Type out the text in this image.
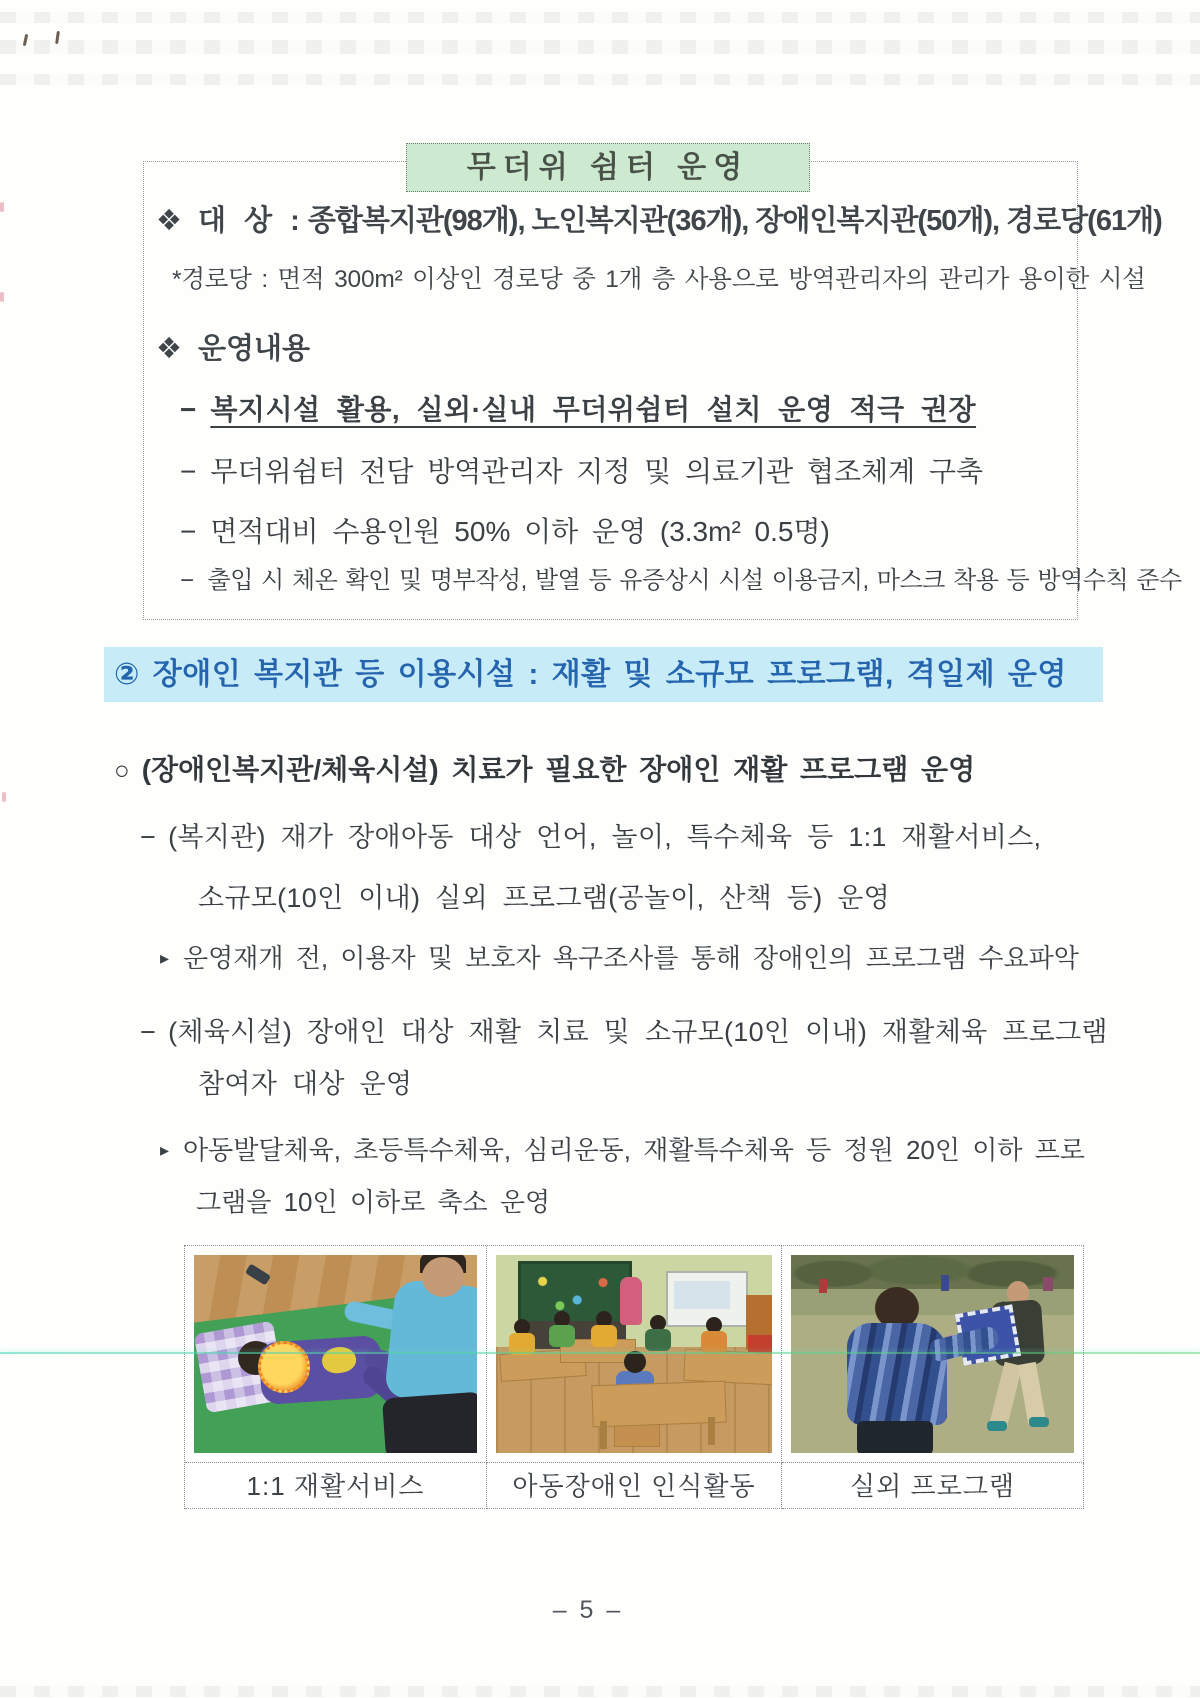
무더위 쉼터 운영
❖ 대 상 : 종합복지관(98개), 노인복지관(36개), 장애인복지관(50개), 경로당(61개)
*경로당 : 면적 300m² 이상인 경로당 중 1개 층 사용으로 방역관리자의 관리가 용이한 시설
❖ 운영내용
− 복지시설 활용, 실외·실내 무더위쉼터 설치 운영 적극 권장
− 무더위쉼터 전담 방역관리자 지정 및 의료기관 협조체계 구축
− 면적대비 수용인원 50% 이하 운영 (3.3m² 0.5명)
− 출입 시 체온 확인 및 명부작성, 발열 등 유증상시 시설 이용금지, 마스크 착용 등 방역수칙 준수
② 장애인 복지관 등 이용시설 : 재활 및 소규모 프로그램, 격일제 운영
○ (장애인복지관/체육시설) 치료가 필요한 장애인 재활 프로그램 운영
− (복지관) 재가 장애아동 대상 언어, 놀이, 특수체육 등 1:1 재활서비스,
소규모(10인 이내) 실외 프로그램(공놀이, 산책 등) 운영
▸ 운영재개 전, 이용자 및 보호자 욕구조사를 통해 장애인의 프로그램 수요파악
− (체육시설) 장애인 대상 재활 치료 및 소규모(10인 이내) 재활체육 프로그램
참여자 대상 운영
▸ 아동발달체육, 초등특수체육, 심리운동, 재활특수체육 등 정원 20인 이하 프로
그램을 10인 이하로 축소 운영
1:1 재활서비스	아동장애인 인식활동	실외 프로그램
– 5 –
